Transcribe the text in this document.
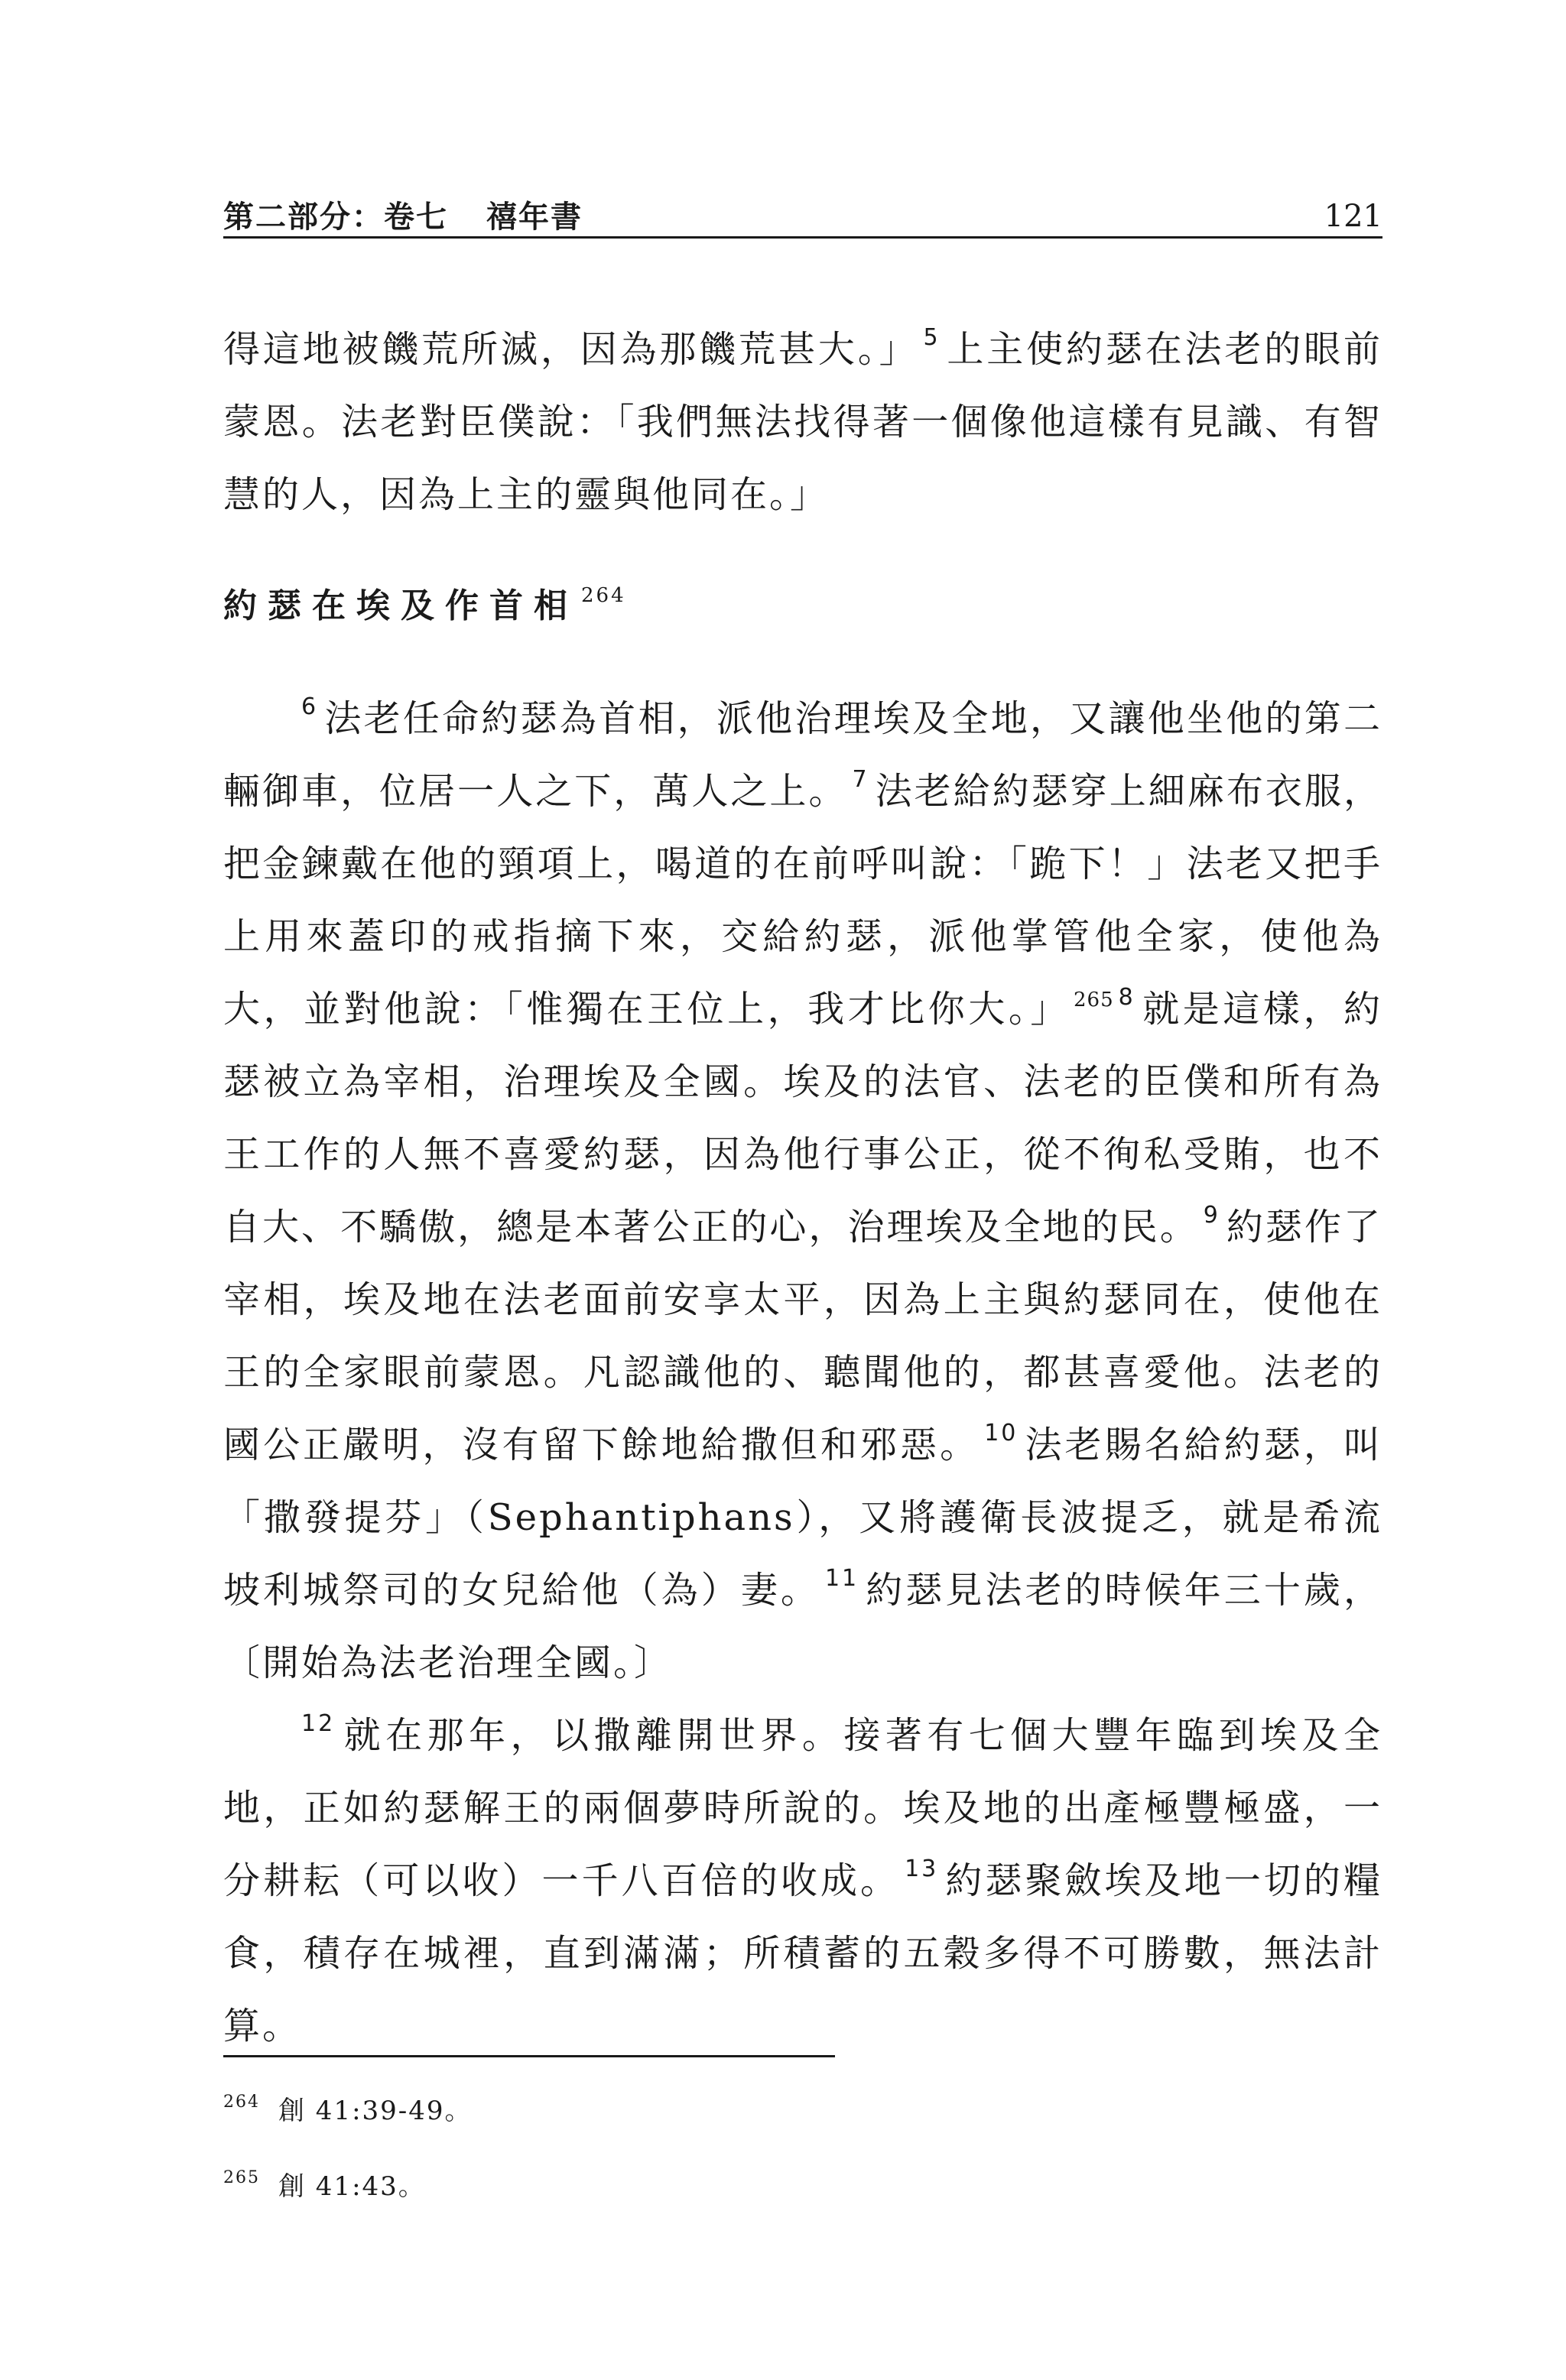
第二部分：卷七 禧年書	121

得這地被饑荒所滅，因為那饑荒甚大。」 $^5$ 上主使約瑟在法老的眼前蒙恩。法老對臣僕說：「我們無法找得著一個像他這樣有見識、有智慧的人，因為上主的靈與他同在。」

約瑟在埃及作首相 $^{264}$

$^6$ 法老任命約瑟為首相，派他治理埃及全地，又讓他坐他的第二輛御車，位居一人之下，萬人之上。 $^7$ 法老給約瑟穿上細麻布衣服，把金鍊戴在他的頸項上，喝道的在前呼叫說：「跪下！」法老又把手上用來蓋印的戒指摘下來，交給約瑟，派他掌管他全家，使他為大，並對他說：「惟獨在王位上，我才比你大。」 $^{265}$ $^8$ 就是這樣，約瑟被立為宰相，治理埃及全國。埃及的法官、法老的臣僕和所有為王工作的人無不喜愛約瑟，因為他行事公正，從不徇私受賄，也不自大、不驕傲，總是本著公正的心，治理埃及全地的民。 $^9$ 約瑟作了宰相，埃及地在法老面前安享太平，因為上主與約瑟同在，使他在王的全家眼前蒙恩。凡認識他的、聽聞他的，都甚喜愛他。法老的國公正嚴明，沒有留下餘地給撒但和邪惡。 $^{10}$ 法老賜名給約瑟，叫「撒發提芬」（Sephantiphans），又將護衛長波提乏，就是希流坡利城祭司的女兒給他（為）妻。 $^{11}$ 約瑟見法老的時候年三十歲，〔開始為法老治理全國。〕

$^{12}$ 就在那年，以撒離開世界。接著有七個大豐年臨到埃及全地，正如約瑟解王的兩個夢時所說的。埃及地的出產極豐極盛，一分耕耘（可以收）一千八百倍的收成。 $^{13}$ 約瑟聚斂埃及地一切的糧食，積存在城裡，直到滿滿；所積蓄的五穀多得不可勝數，無法計算。

264 創 41:39-49。
265 創 41:43。
